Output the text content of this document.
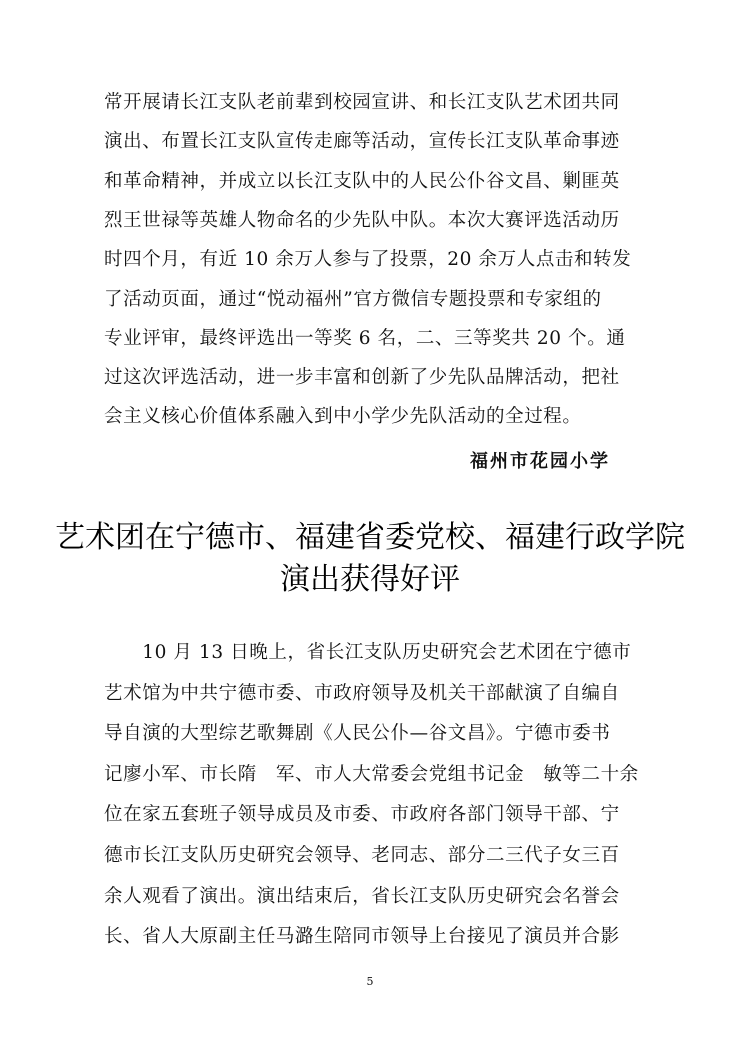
常开展请长江支队老前辈到校园宣讲、和长江支队艺术团共同
演出、布置长江支队宣传走廊等活动，宣传长江支队革命事迹
和革命精神，并成立以长江支队中的人民公仆谷文昌、剿匪英
烈王世禄等英雄人物命名的少先队中队。本次大赛评选活动历
时四个月，有近 10 余万人参与了投票，20 余万人点击和转发
了活动页面，通过“悦动福州”官方微信专题投票和专家组的
专业评审，最终评选出一等奖 6 名，二、三等奖共 20 个。通
过这次评选活动，进一步丰富和创新了少先队品牌活动，把社
会主义核心价值体系融入到中小学少先队活动的全过程。
福州市花园小学
艺术团在宁德市、福建省委党校、福建行政学院
演出获得好评
　　10 月 13 日晚上，省长江支队历史研究会艺术团在宁德市
艺术馆为中共宁德市委、市政府领导及机关干部献演了自编自
导自演的大型综艺歌舞剧《人民公仆—谷文昌》。宁德市委书
记廖小军、市长隋　军、市人大常委会党组书记金　敏等二十余
位在家五套班子领导成员及市委、市政府各部门领导干部、宁
德市长江支队历史研究会领导、老同志、部分二三代子女三百
余人观看了演出。演出结束后，省长江支队历史研究会名誉会
长、省人大原副主任马潞生陪同市领导上台接见了演员并合影
5
